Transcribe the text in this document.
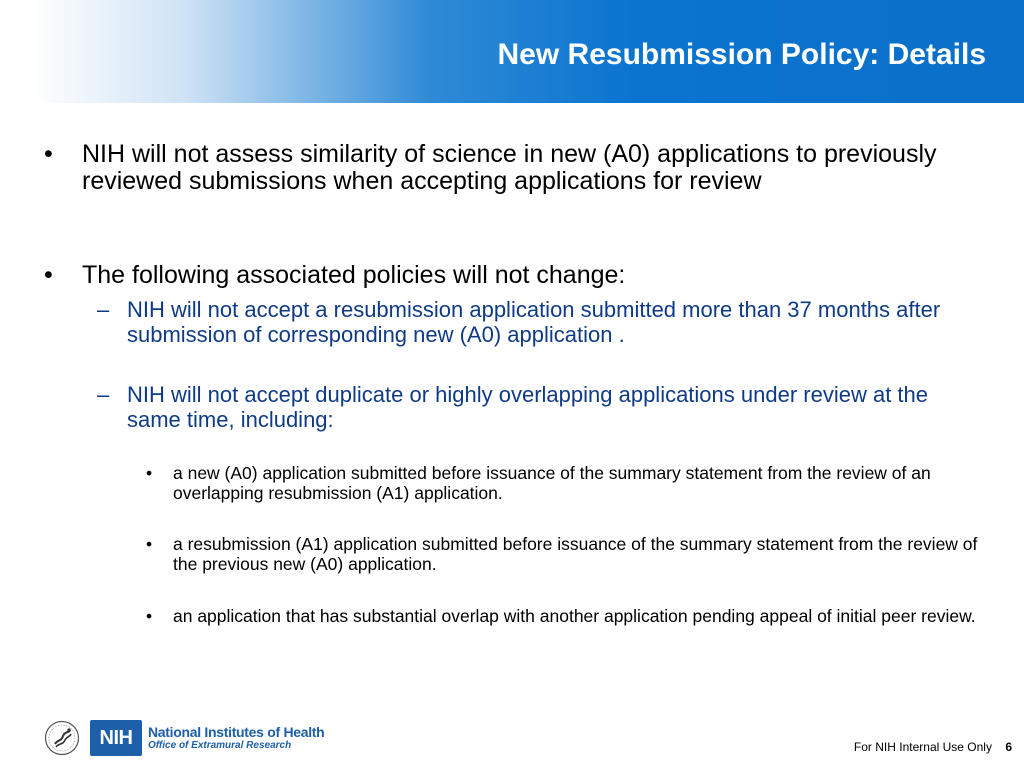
New Resubmission Policy: Details
• NIH will not assess similarity of science in new (A0) applications to previously reviewed submissions when accepting applications for review
• The following associated policies will not change:
– NIH will not accept a resubmission application submitted more than 37 months after submission of corresponding new (A0) application .
– NIH will not accept duplicate or highly overlapping applications under review at the same time, including:
• a new (A0) application submitted before issuance of the summary statement from the review of an overlapping resubmission (A1) application.
• a resubmission (A1) application submitted before issuance of the summary statement from the review of the previous new (A0) application.
• an application that has substantial overlap with another application pending appeal of initial peer review.
NIH	National Institutes of Health
Office of Extramural Research	For NIH Internal Use Only 6
